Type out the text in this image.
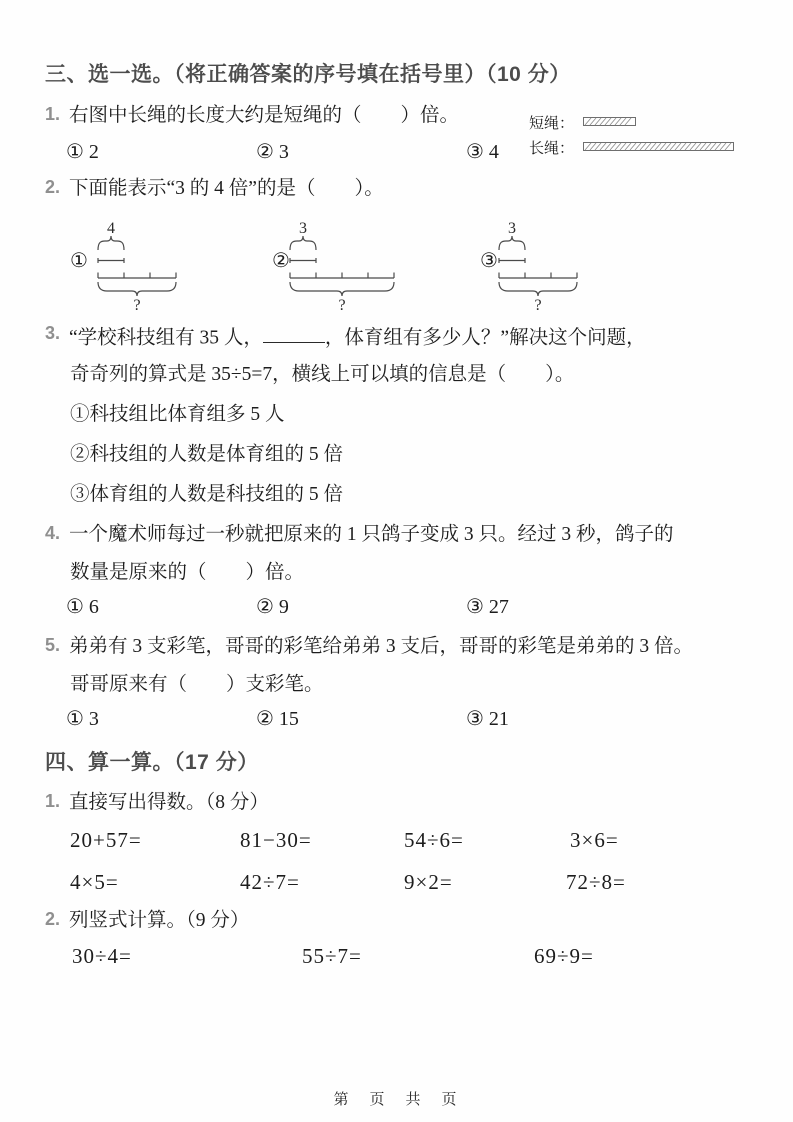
三、选一选。（将正确答案的序号填在括号里）（10 分）
1. 右图中长绳的长度大约是短绳的（　　）倍。
① 2	② 3	③ 4
短绳：
长绳：
2. 下面能表示“3 的 4 倍”的是（　　）。
①
4
?
②
3
?
③
3
?
3. “学校科技组有 35 人，	，体育组有多少人？”解决这个问题，
奇奇列的算式是 35÷5=7，横线上可以填的信息是（　　）。
①科技组比体育组多 5 人
②科技组的人数是体育组的 5 倍
③体育组的人数是科技组的 5 倍
4. 一个魔术师每过一秒就把原来的 1 只鸽子变成 3 只。经过 3 秒，鸽子的
数量是原来的（　　）倍。
① 6	② 9	③ 27
5. 弟弟有 3 支彩笔，哥哥的彩笔给弟弟 3 支后，哥哥的彩笔是弟弟的 3 倍。
哥哥原来有（　　）支彩笔。
① 3	② 15	③ 21
四、算一算。（17 分）
1. 直接写出得数。（8 分）
20+57=	81−30=	54÷6=	3×6=
4×5=	42÷7=	9×2=	72÷8=
2. 列竖式计算。（9 分）
30÷4=	55÷7=	69÷9=
第　页　共　页
